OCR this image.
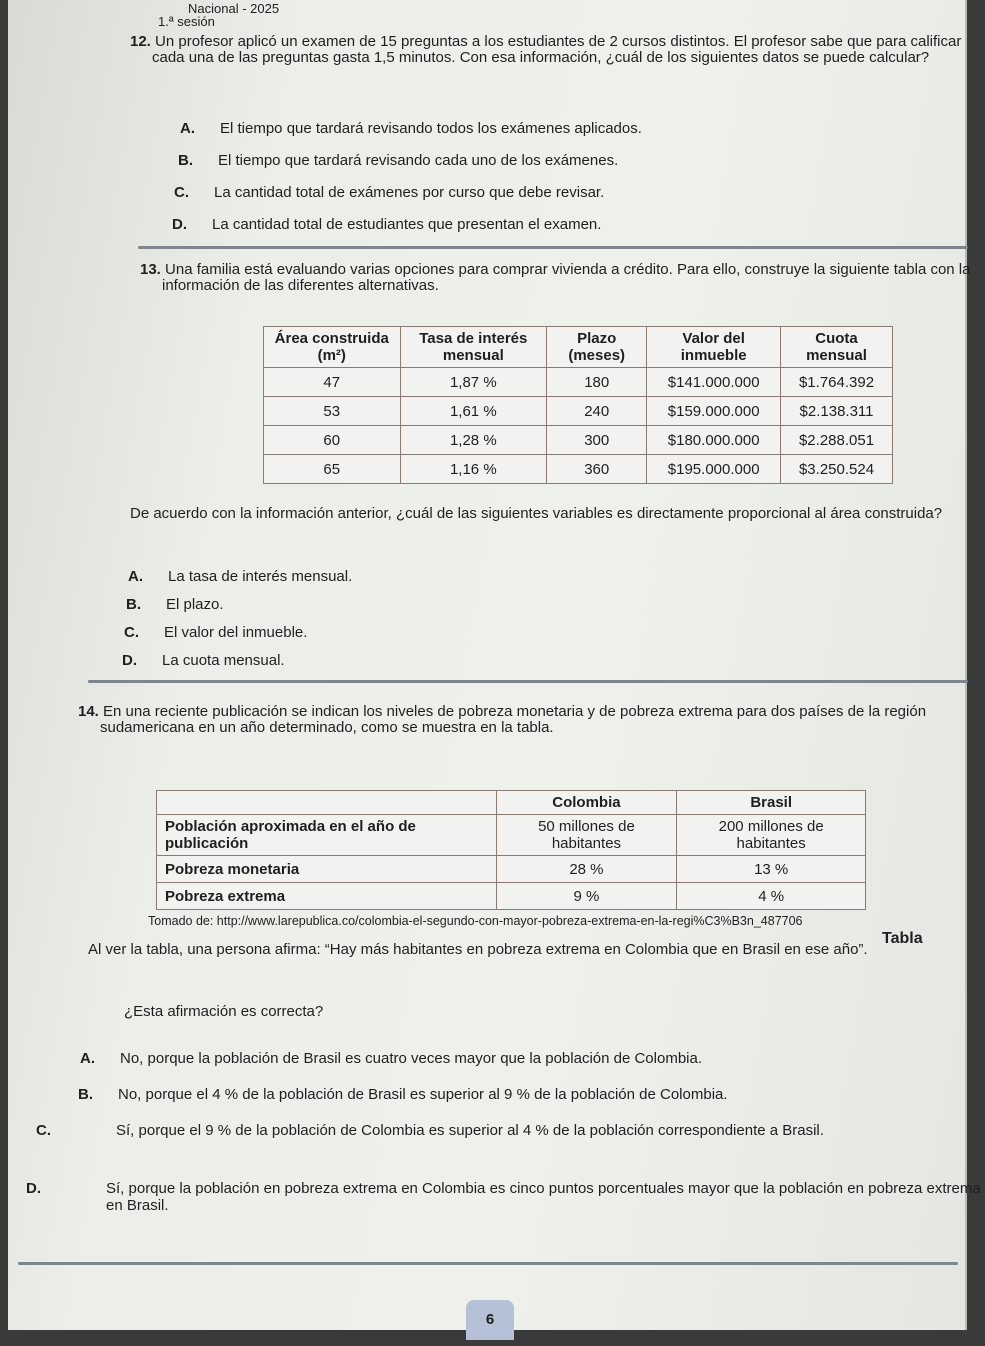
Nacional - 2025
1.ª sesión
12. Un profesor aplicó un examen de 15 preguntas a los estudiantes de 2 cursos distintos. El profesor sabe que para calificar cada una de las preguntas gasta 1,5 minutos. Con esa información, ¿cuál de los siguientes datos se puede calcular?
A. El tiempo que tardará revisando todos los exámenes aplicados.
B. El tiempo que tardará revisando cada uno de los exámenes.
C. La cantidad total de exámenes por curso que debe revisar.
D. La cantidad total de estudiantes que presentan el examen.
13. Una familia está evaluando varias opciones para comprar vivienda a crédito. Para ello, construye la siguiente tabla con la información de las diferentes alternativas.
Área construida (m²)	Tasa de interés mensual	Plazo (meses)	Valor del inmueble	Cuota mensual
47	1,87 %	180	$141.000.000	$1.764.392
53	1,61 %	240	$159.000.000	$2.138.311
60	1,28 %	300	$180.000.000	$2.288.051
65	1,16 %	360	$195.000.000	$3.250.524
De acuerdo con la información anterior, ¿cuál de las siguientes variables es directamente proporcional al área construida?
A. La tasa de interés mensual.
B. El plazo.
C. El valor del inmueble.
D. La cuota mensual.
14. En una reciente publicación se indican los niveles de pobreza monetaria y de pobreza extrema para dos países de la región sudamericana en un año determinado, como se muestra en la tabla.
	Colombia	Brasil
Población aproximada en el año de publicación	50 millones de habitantes	200 millones de habitantes
Pobreza monetaria	28 %	13 %
Pobreza extrema	9 %	4 %
Tomado de: http://www.larepublica.co/colombia-el-segundo-con-mayor-pobreza-extrema-en-la-regi%C3%B3n_487706
Tabla
Al ver la tabla, una persona afirma: “Hay más habitantes en pobreza extrema en Colombia que en Brasil en ese año”.
¿Esta afirmación es correcta?
A. No, porque la población de Brasil es cuatro veces mayor que la población de Colombia.
B. No, porque el 4 % de la población de Brasil es superior al 9 % de la población de Colombia.
C.	Sí, porque el 9 % de la población de Colombia es superior al 4 % de la población correspondiente a Brasil.
D.	Sí, porque la población en pobreza extrema en Colombia es cinco puntos porcentuales mayor que la población en pobreza extrema en Brasil.
6
